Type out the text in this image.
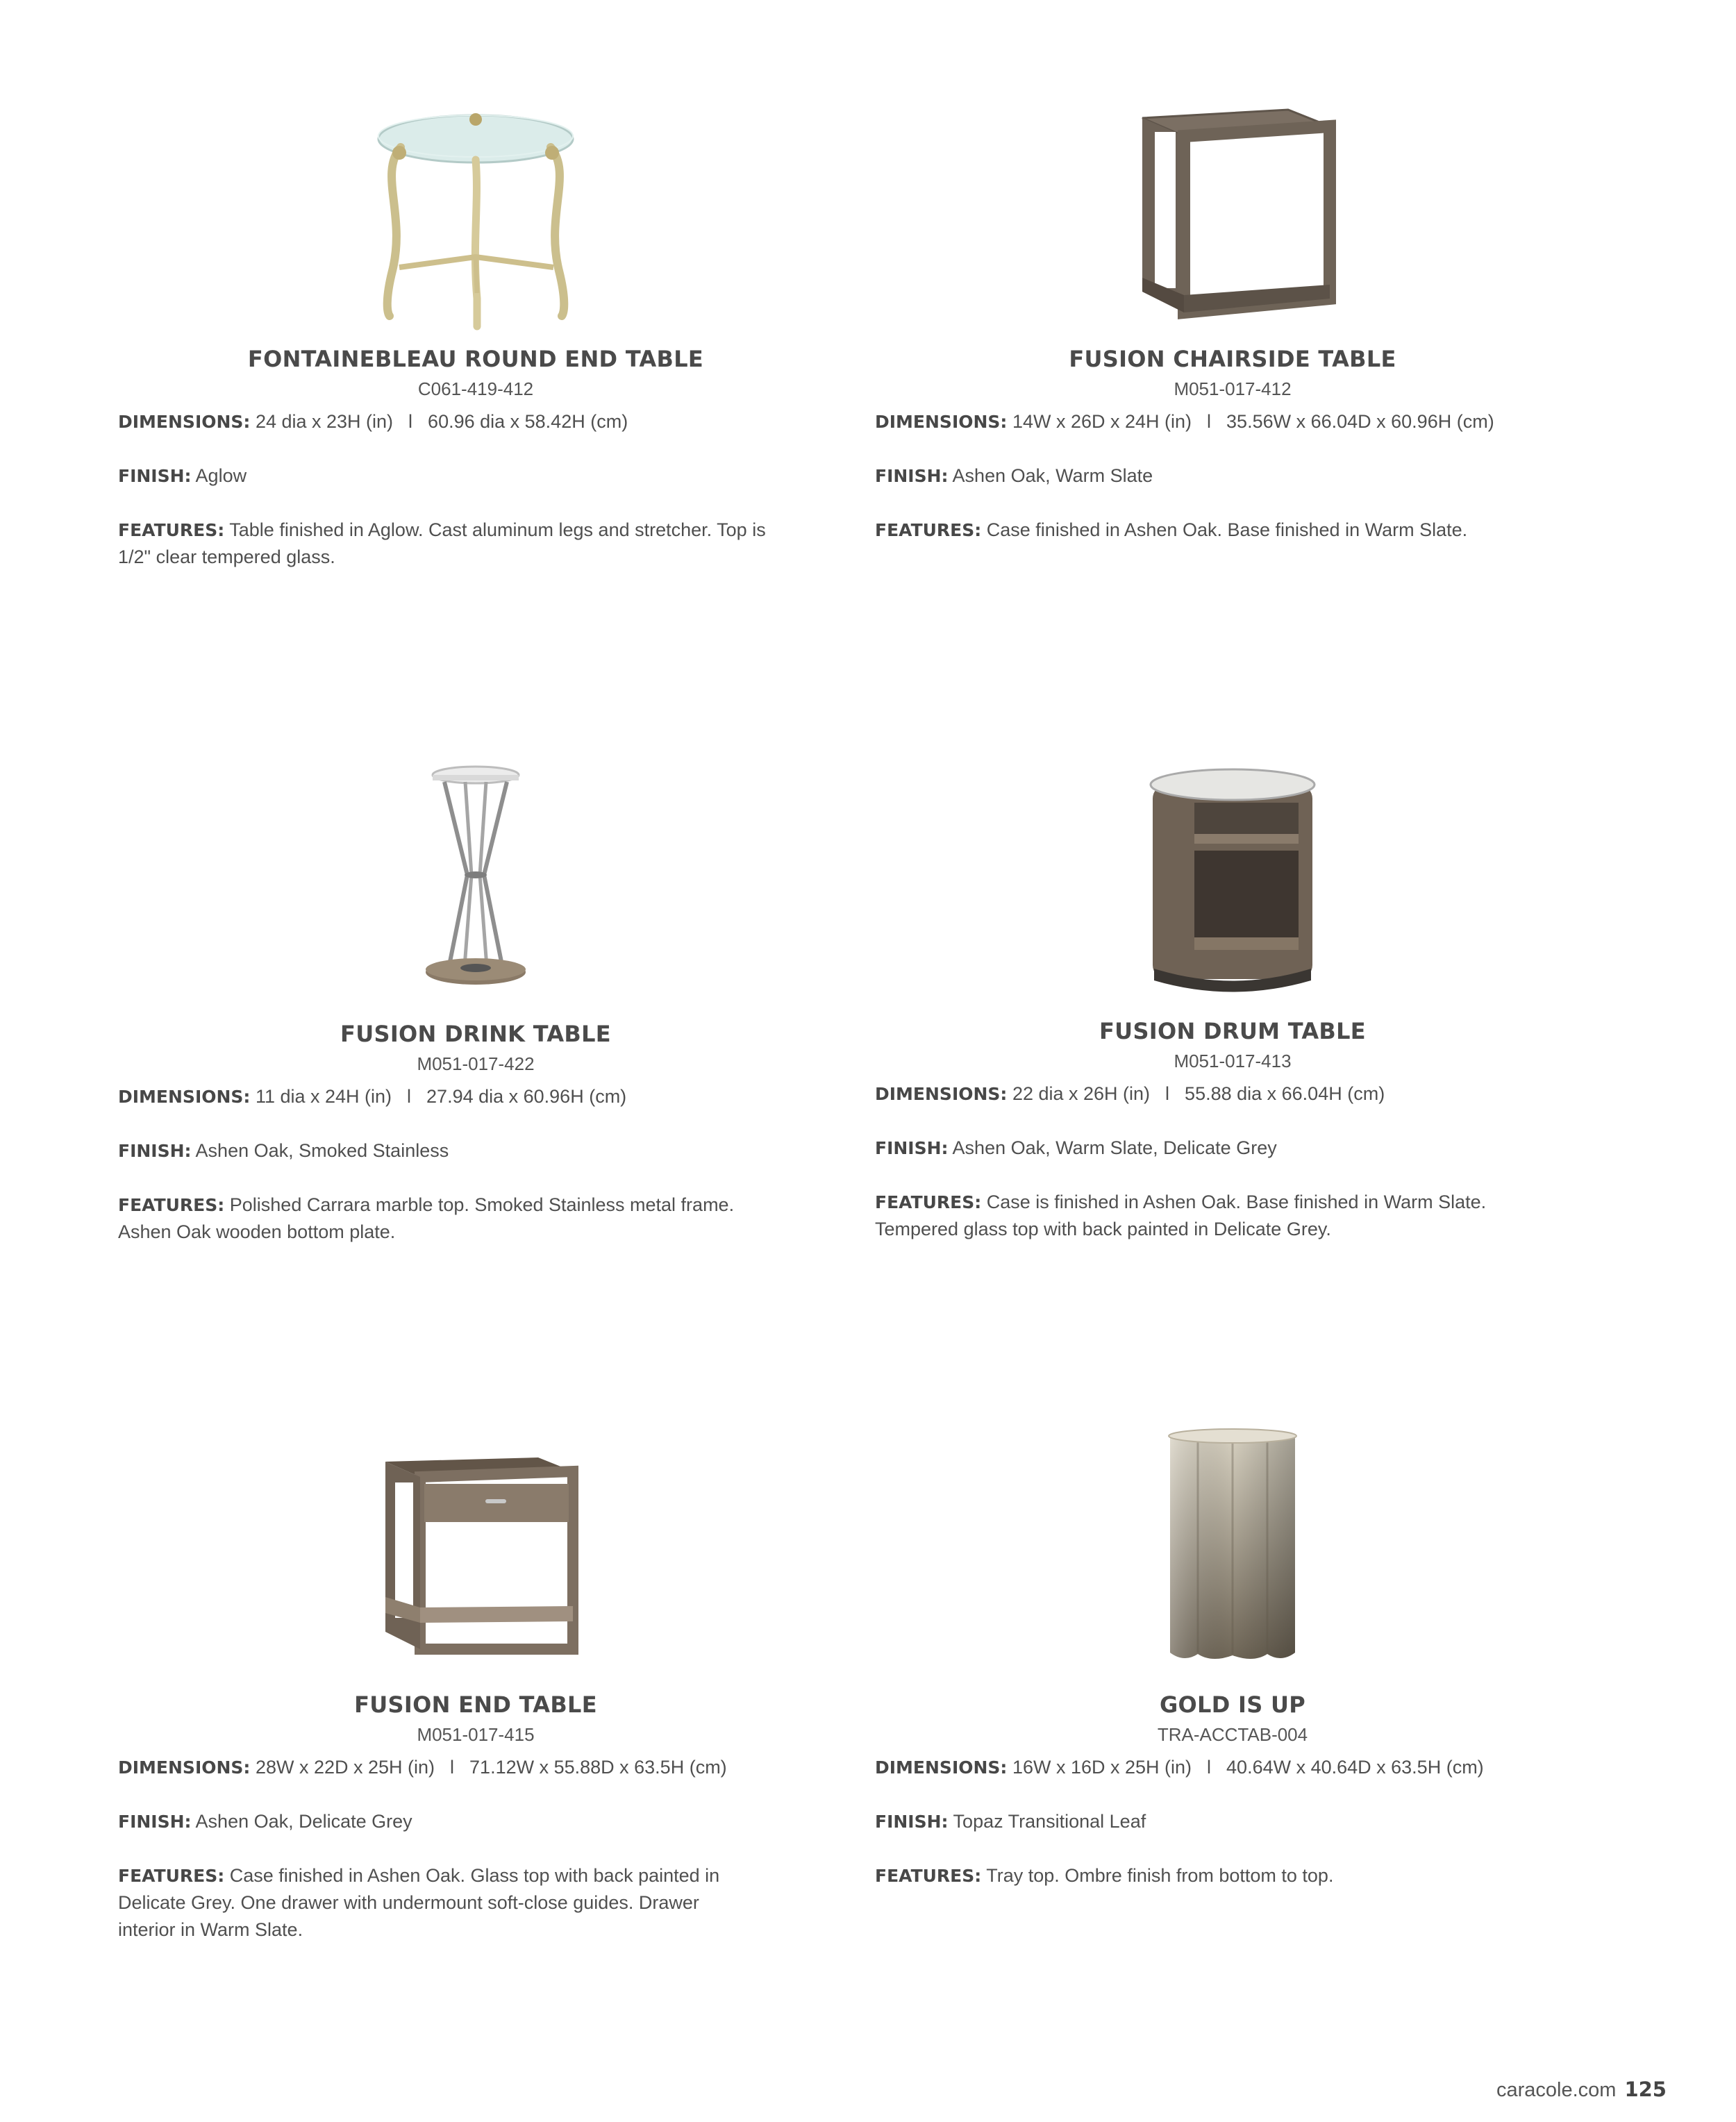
FONTAINEBLEAU ROUND END TABLE
C061-419-412
DIMENSIONS: 24 dia x 23H (in) l 60.96 dia x 58.42H (cm)
FINISH: Aglow
FEATURES: Table finished in Aglow. Cast aluminum legs and stretcher. Top is
1/2" clear tempered glass.
FUSION CHAIRSIDE TABLE
M051-017-412
DIMENSIONS: 14W x 26D x 24H (in) l 35.56W x 66.04D x 60.96H (cm)
FINISH: Ashen Oak, Warm Slate
FEATURES: Case finished in Ashen Oak. Base finished in Warm Slate.
FUSION DRINK TABLE
M051-017-422
DIMENSIONS: 11 dia x 24H (in) l 27.94 dia x 60.96H (cm)
FINISH: Ashen Oak, Smoked Stainless
FEATURES: Polished Carrara marble top. Smoked Stainless metal frame.
Ashen Oak wooden bottom plate.
FUSION DRUM TABLE
M051-017-413
DIMENSIONS: 22 dia x 26H (in) l 55.88 dia x 66.04H (cm)
FINISH: Ashen Oak, Warm Slate, Delicate Grey
FEATURES: Case is finished in Ashen Oak. Base finished in Warm Slate.
Tempered glass top with back painted in Delicate Grey.
FUSION END TABLE
M051-017-415
DIMENSIONS: 28W x 22D x 25H (in) l 71.12W x 55.88D x 63.5H (cm)
FINISH: Ashen Oak, Delicate Grey
FEATURES: Case finished in Ashen Oak. Glass top with back painted in
Delicate Grey. One drawer with undermount soft-close guides. Drawer
interior in Warm Slate.
GOLD IS UP
TRA-ACCTAB-004
DIMENSIONS: 16W x 16D x 25H (in) l 40.64W x 40.64D x 63.5H (cm)
FINISH: Topaz Transitional Leaf
FEATURES: Tray top. Ombre finish from bottom to top.
caracole.com 125
